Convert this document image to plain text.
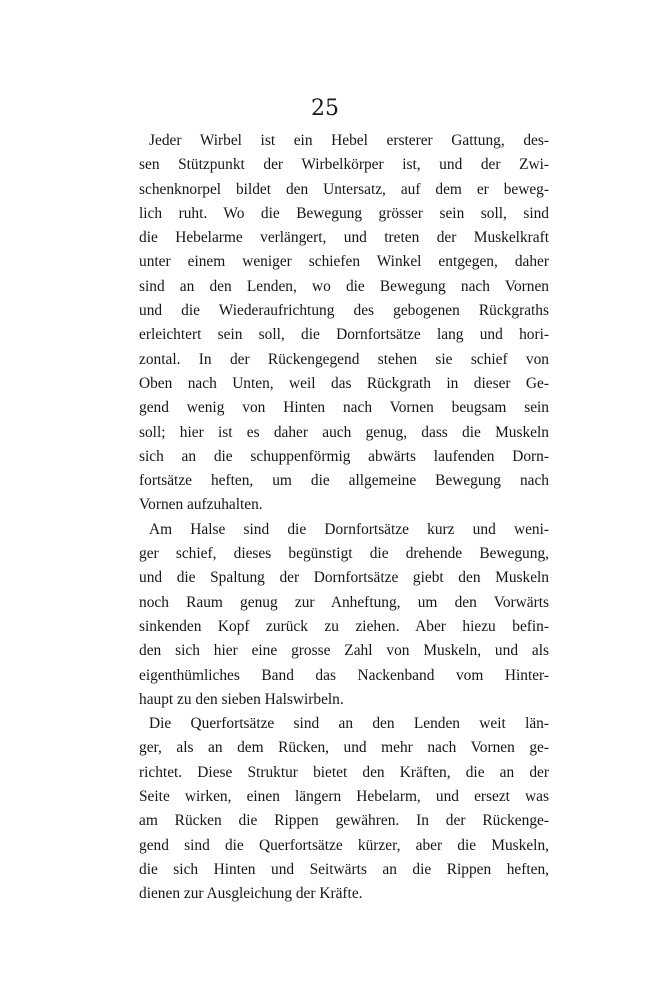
25
Jeder Wirbel ist ein Hebel ersterer Gattung, des-
sen Stützpunkt der Wirbelkörper ist, und der Zwi-
schenknorpel bildet den Untersatz, auf dem er beweg-
lich ruht. Wo die Bewegung grösser sein soll, sind
die Hebelarme verlängert, und treten der Muskelkraft
unter einem weniger schiefen Winkel entgegen, daher
sind an den Lenden, wo die Bewegung nach Vornen
und die Wiederaufrichtung des gebogenen Rückgraths
erleichtert sein soll, die Dornfortsätze lang und hori-
zontal. In der Rückengegend stehen sie schief von
Oben nach Unten, weil das Rückgrath in dieser Ge-
gend wenig von Hinten nach Vornen beugsam sein
soll; hier ist es daher auch genug, dass die Muskeln
sich an die schuppenförmig abwärts laufenden Dorn-
fortsätze heften, um die allgemeine Bewegung nach
Vornen aufzuhalten.
Am Halse sind die Dornfortsätze kurz und weni-
ger schief, dieses begünstigt die drehende Bewegung,
und die Spaltung der Dornfortsätze giebt den Muskeln
noch Raum genug zur Anheftung, um den Vorwärts
sinkenden Kopf zurück zu ziehen. Aber hiezu befin-
den sich hier eine grosse Zahl von Muskeln, und als
eigenthümliches Band das Nackenband vom Hinter-
haupt zu den sieben Halswirbeln.
Die Querfortsätze sind an den Lenden weit län-
ger, als an dem Rücken, und mehr nach Vornen ge-
richtet. Diese Struktur bietet den Kräften, die an der
Seite wirken, einen längern Hebelarm, und ersezt was
am Rücken die Rippen gewähren. In der Rückenge-
gend sind die Querfortsätze kürzer, aber die Muskeln,
die sich Hinten und Seitwärts an die Rippen heften,
dienen zur Ausgleichung der Kräfte.
